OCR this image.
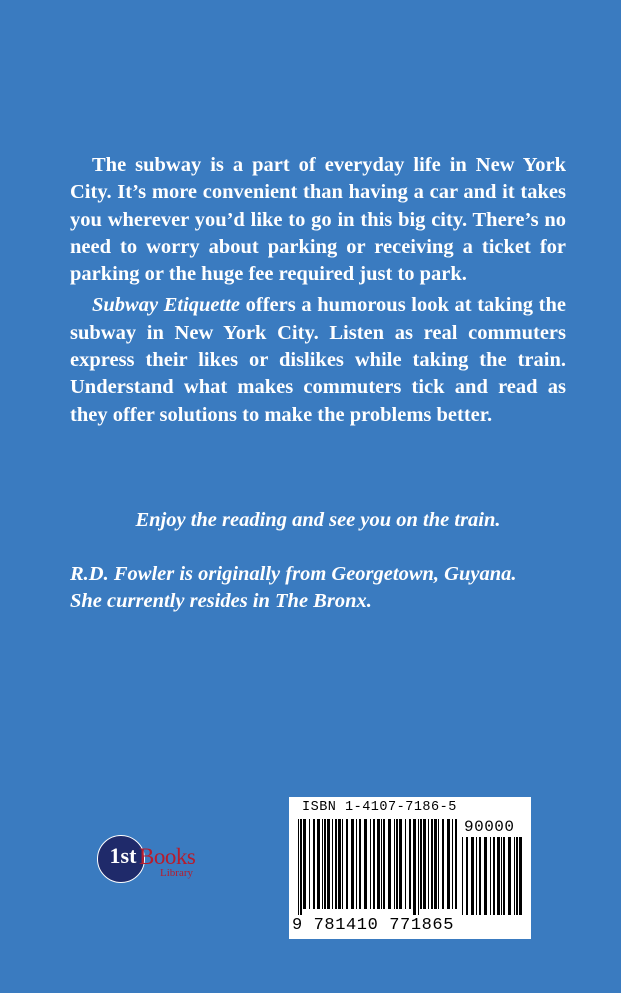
The subway is a part of everyday life in New York City. It’s more convenient than having a car and it takes you wherever you’d like to go in this big city. There’s no need to worry about parking or receiving a ticket for parking or the huge fee required just to park.

Subway Etiquette offers a humorous look at taking the subway in New York City. Listen as real commuters express their likes or dislikes while taking the train. Understand what makes commuters tick and read as they offer solutions to make the problems better.

Enjoy the reading and see you on the train.

R.D. Fowler is originally from Georgetown, Guyana.
She currently resides in The Bronx.

1st Books
Library
ISBN 1-4107-7186-5
90000
9 781410 771865
